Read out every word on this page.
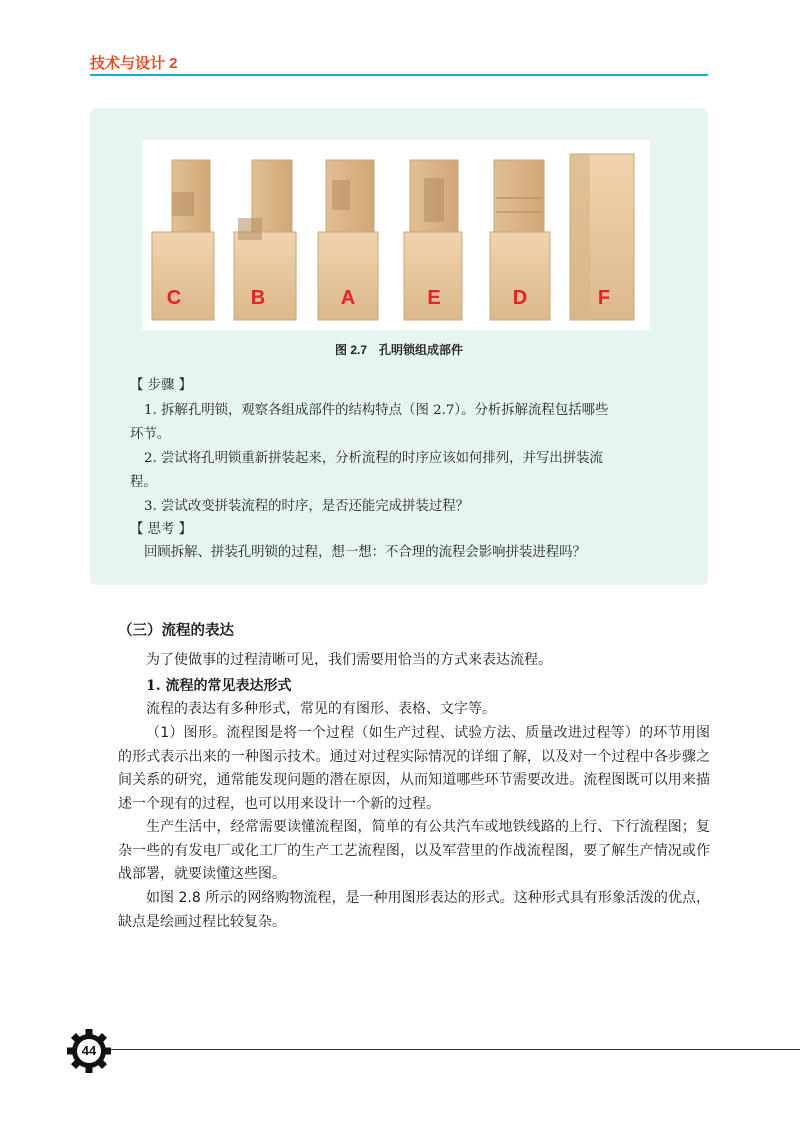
技术与设计 2
C	B	A	E	D	F
图 2.7　孔明锁组成部件
【 步骤 】
1. 拆解孔明锁，观察各组成部件的结构特点（图 2.7）。分析拆解流程包括哪些
环节。
2. 尝试将孔明锁重新拼装起来，分析流程的时序应该如何排列，并写出拼装流
程。
3. 尝试改变拼装流程的时序，是否还能完成拼装过程？
【 思考 】
回顾拆解、拼装孔明锁的过程，想一想：不合理的流程会影响拼装进程吗？
（三）流程的表达
为了使做事的过程清晰可见，我们需要用恰当的方式来表达流程。
1. 流程的常见表达形式
流程的表达有多种形式，常见的有图形、表格、文字等。
（1）图形。流程图是将一个过程（如生产过程、试验方法、质量改进过程等）的环节用图的形式表示出来的一种图示技术。通过对过程实际情况的详细了解，以及对一个过程中各步骤之间关系的研究，通常能发现问题的潜在原因，从而知道哪些环节需要改进。流程图既可以用来描述一个现有的过程，也可以用来设计一个新的过程。
生产生活中，经常需要读懂流程图，简单的有公共汽车或地铁线路的上行、下行流程图；复杂一些的有发电厂或化工厂的生产工艺流程图，以及军营里的作战流程图，要了解生产情况或作战部署，就要读懂这些图。
如图 2.8 所示的网络购物流程，是一种用图形表达的形式。这种形式具有形象活泼的优点，缺点是绘画过程比较复杂。
44
